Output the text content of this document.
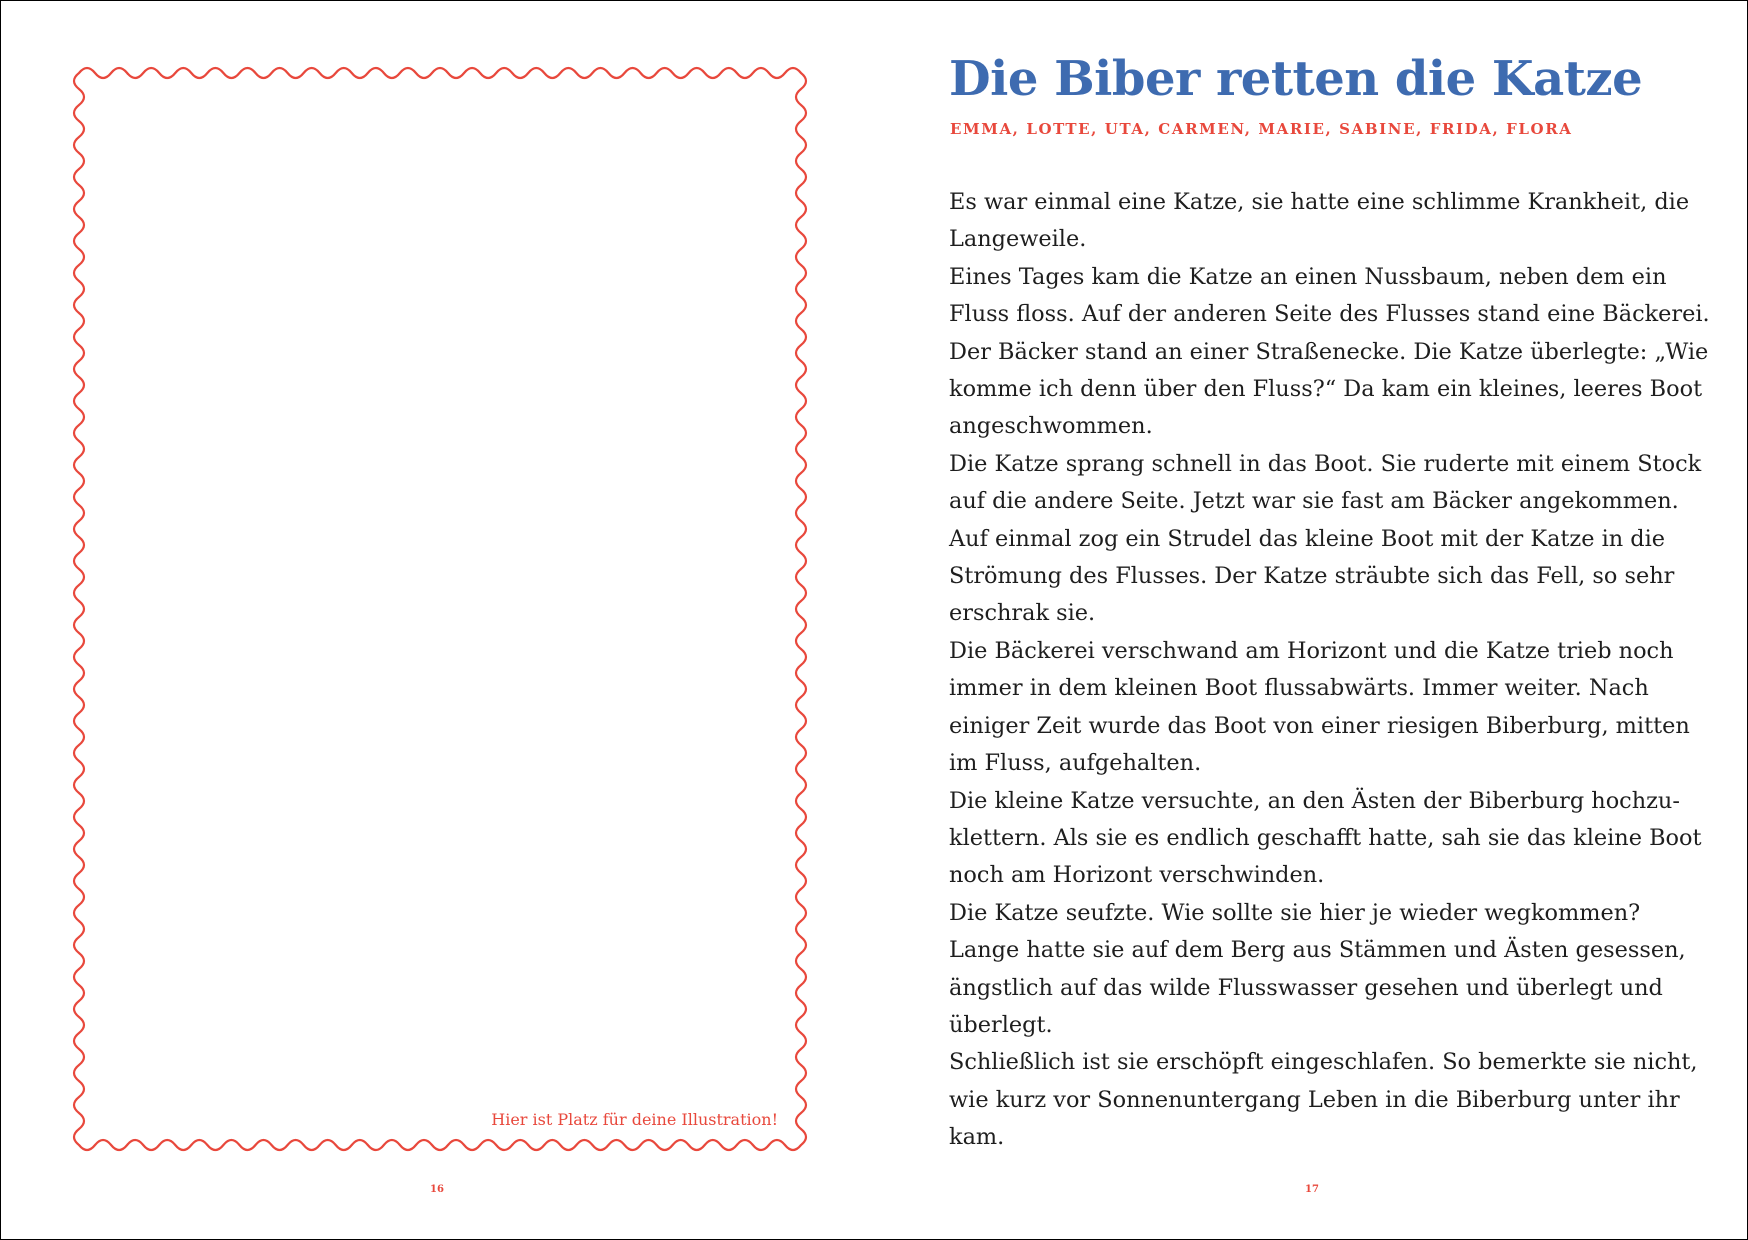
Hier ist Platz für deine Illustration!
16
Die Biber retten die Katze
EMMA, LOTTE, UTA, CARMEN, MARIE, SABINE, FRIDA, FLORA
Es war einmal eine Katze, sie hatte eine schlimme Krankheit, die
Langeweile.
Eines Tages kam die Katze an einen Nussbaum, neben dem ein
Fluss floss. Auf der anderen Seite des Flusses stand eine Bäckerei.
Der Bäcker stand an einer Straßenecke. Die Katze überlegte: „Wie
komme ich denn über den Fluss?“ Da kam ein kleines, leeres Boot
angeschwommen.
Die Katze sprang schnell in das Boot. Sie ruderte mit einem Stock
auf die andere Seite. Jetzt war sie fast am Bäcker angekommen.
Auf einmal zog ein Strudel das kleine Boot mit der Katze in die
Strömung des Flusses. Der Katze sträubte sich das Fell, so sehr
erschrak sie.
Die Bäckerei verschwand am Horizont und die Katze trieb noch
immer in dem kleinen Boot flussabwärts. Immer weiter. Nach
einiger Zeit wurde das Boot von einer riesigen Biberburg, mitten
im Fluss, aufgehalten.
Die kleine Katze versuchte, an den Ästen der Biberburg hochzu-
klettern. Als sie es endlich geschafft hatte, sah sie das kleine Boot
noch am Horizont verschwinden.
Die Katze seufzte. Wie sollte sie hier je wieder wegkommen?
Lange hatte sie auf dem Berg aus Stämmen und Ästen gesessen,
ängstlich auf das wilde Flusswasser gesehen und überlegt und
überlegt.
Schließlich ist sie erschöpft eingeschlafen. So bemerkte sie nicht,
wie kurz vor Sonnenuntergang Leben in die Biberburg unter ihr
kam.
17
